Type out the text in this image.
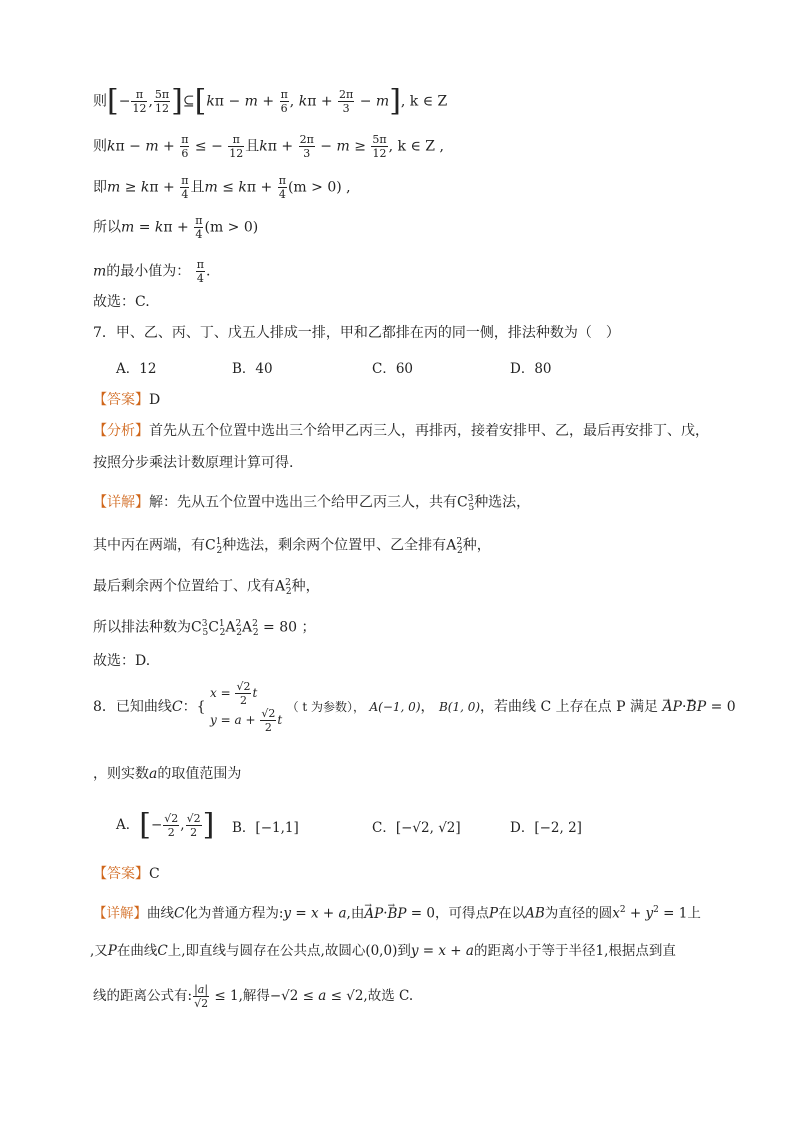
则[− $\frac{\pi}{12}$ , $\frac{5\pi}{12}$ ]⊆[kπ − $m + \frac{\pi}{6}$ , $k\pi + \frac{2\pi}{3} - m$], k ∈ Z
则$k\pi - m + \frac{\pi}{6}$ ≤ − $\frac{\pi}{12}$ 且$k\pi + \frac{2\pi}{3} - m \ge \frac{5\pi}{12}$ , k ∈ Z ,
即$m \ge k\pi + \frac{\pi}{4}$ 且$m \le k\pi + \frac{\pi}{4} (m > 0)$ ,
所以$m = k\pi + \frac{\pi}{4} (m > 0)$
m的最小值为： $\frac{\pi}{4}$ .
故选：C.
7．甲、乙、丙、丁、戊五人排成一排，甲和乙都排在丙的同一侧，排法种数为（　）
A．12	B．40	C．60	D．80
【答案】D
【分析】首先从五个位置中选出三个给甲乙丙三人，再排丙，接着安排甲、乙，最后再安排丁、戊，
按照分步乘法计数原理计算可得.
【详解】解：先从五个位置中选出三个给甲乙丙三人，共有$C^3_5$种选法，
其中丙在两端，有$C^1_2$种选法，剩余两个位置甲、乙全排有$A^2_2$种，
最后剩余两个位置给丁、戊有$A^2_2$种，
所以排法种数为$C^3_5C^1_2A^2_2A^2_2 = 80$ ；
故选：D.
8．已知曲线C：{
$x = \frac{√2}{2}$ t
$y = a + \frac{√2}{2}$ t
（ t 为参数）， A(−1, 0)， B(1, 0)，若曲线 C 上存在点 P 满足 → AP·→ BP = 0
，则实数a的取值范围为
A．[− $\frac{√2}{2}$ , $\frac{√2}{2}$ ] B．[−1,1]	C．[−√2, √2]	D．[−2, 2]
【答案】C
【详解】曲线C化为普通方程为:y = x + a,由→ AP·→ BP = 0，可得点P在以AB为直径的圆$x^2 + y^2 = 1$上
,又P在曲线C上,即直线与圆存在公共点,故圆心(0,0)到y = x + a的距离小于等于半径1,根据点到直
线的距离公式有: $\frac{|a|}{√2} \le 1$,解得−√2 ≤ a ≤ √2,故选 C.
